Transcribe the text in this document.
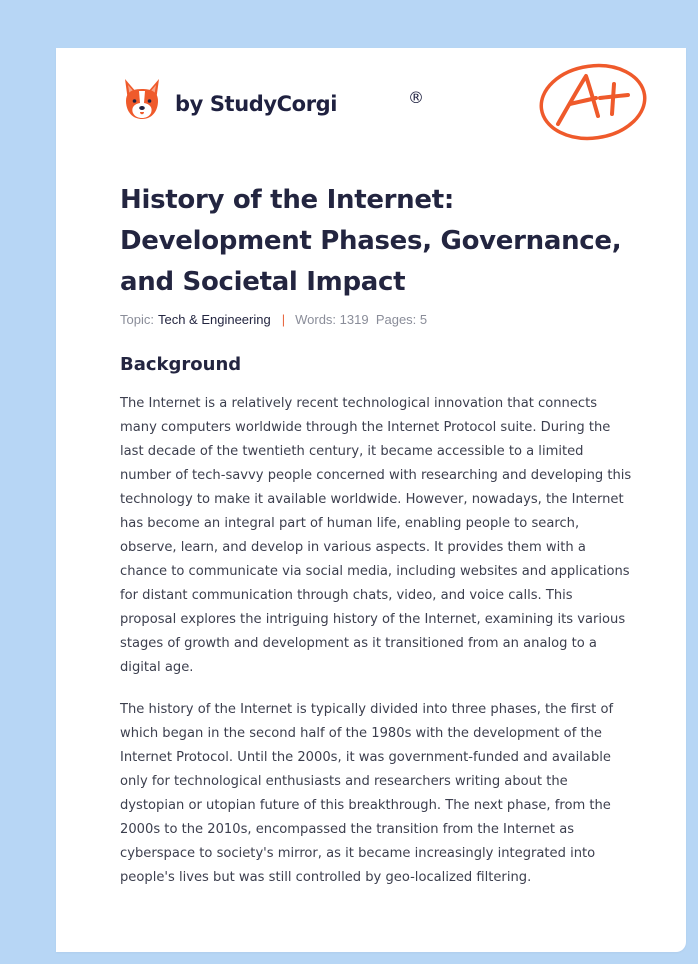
by StudyCorgi	®
History of the Internet: Development Phases, Governance, and Societal Impact
Topic: Tech & Engineering | Words: 1319 Pages: 5
Background

The Internet is a relatively recent technological innovation that connects many computers worldwide through the Internet Protocol suite. During the last decade of the twentieth century, it became accessible to a limited number of tech-savvy people concerned with researching and developing this technology to make it available worldwide. However, nowadays, the Internet has become an integral part of human life, enabling people to search, observe, learn, and develop in various aspects. It provides them with a chance to communicate via social media, including websites and applications for distant communication through chats, video, and voice calls. This proposal explores the intriguing history of the Internet, examining its various stages of growth and development as it transitioned from an analog to a digital age.

The history of the Internet is typically divided into three phases, the first of which began in the second half of the 1980s with the development of the Internet Protocol. Until the 2000s, it was government-funded and available only for technological enthusiasts and researchers writing about the dystopian or utopian future of this breakthrough. The next phase, from the 2000s to the 2010s, encompassed the transition from the Internet as cyberspace to society's mirror, as it became increasingly integrated into people's lives but was still controlled by geo-localized filtering.
